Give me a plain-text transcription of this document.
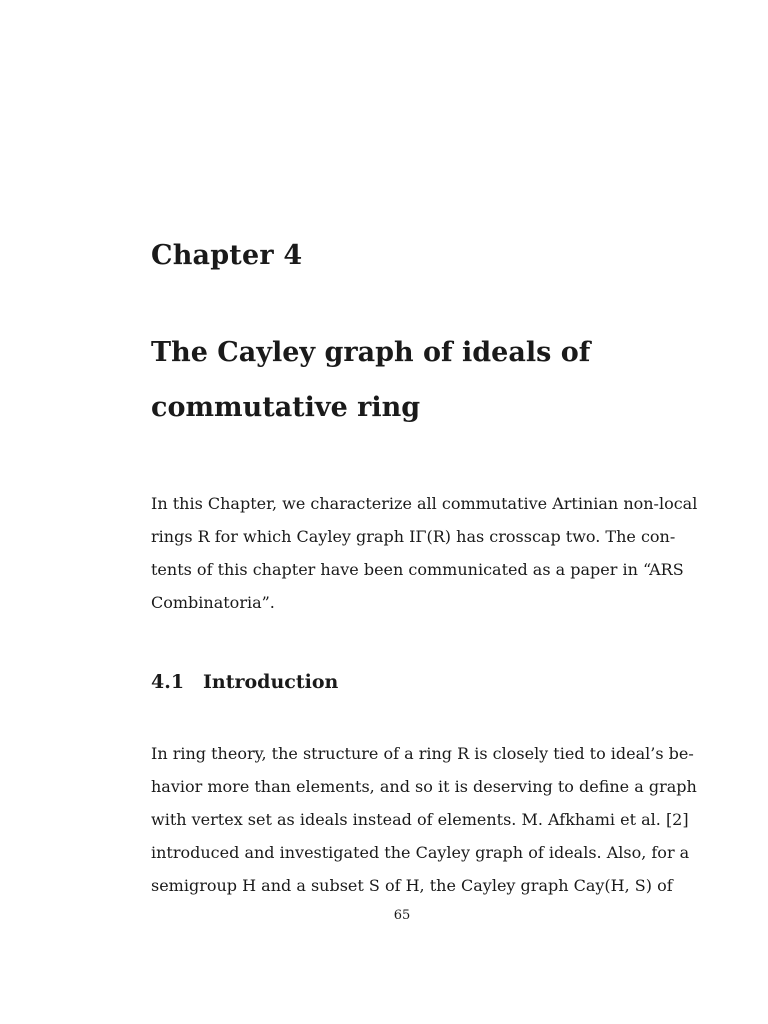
Chapter 4
The Cayley graph of ideals of
commutative ring

In this Chapter, we characterize all commutative Artinian non-local
rings R for which Cayley graph IΓ(R) has crosscap two. The con-
tents of this chapter have been communicated as a paper in “ARS
Combinatoria”.

4.1 Introduction

In ring theory, the structure of a ring R is closely tied to ideal’s be-
havior more than elements, and so it is deserving to define a graph
with vertex set as ideals instead of elements. M. Afkhami et al. [2]
introduced and investigated the Cayley graph of ideals. Also, for a
semigroup H and a subset S of H, the Cayley graph Cay(H, S) of

65
